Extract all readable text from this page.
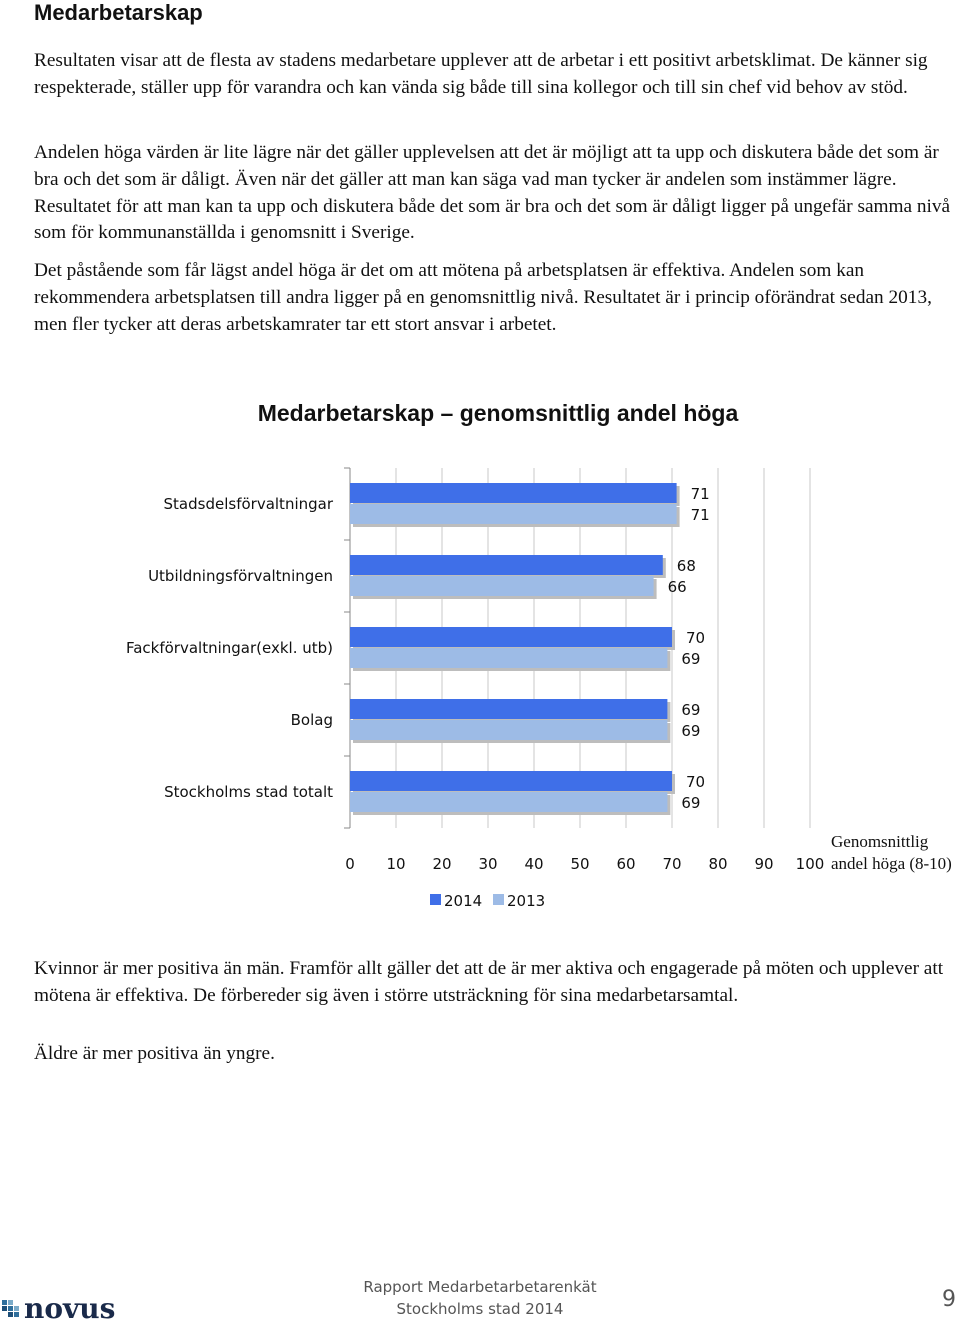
Medarbetarskap

Resultaten visar att de flesta av stadens medarbetare upplever att de arbetar i ett positivt arbetsklimat. De känner sig respekterade, ställer upp för varandra och kan vända sig både till sina kollegor och till sin chef vid behov av stöd.

Andelen höga värden är lite lägre när det gäller upplevelsen att det är möjligt att ta upp och diskutera både det som är bra och det som är dåligt. Även när det gäller att man kan säga vad man tycker är andelen som instämmer lägre. Resultatet för att man kan ta upp och diskutera både det som är bra och det som är dåligt ligger på ungefär samma nivå som för kommunanställda i genomsnitt i Sverige.

Det påstående som får lägst andel höga är det om att mötena på arbetsplatsen är effektiva. Andelen som kan rekommendera arbetsplatsen till andra ligger på en genomsnittlig nivå. Resultatet är i princip oförändrat sedan 2013, men fler tycker att deras arbetskamrater tar ett stort ansvar i arbetet.

Medarbetarskap – genomsnittlig andel höga
0 10 20 30 40 50 60 70 80 90 100
Stadsdelsförvaltningar
71
71
Utbildningsförvaltningen
68
66
Fackförvaltningar(exkl. utb)
70
69
Bolag
69
69
Stockholms stad totalt
70
69
Genomsnittlig
andel höga (8-10)
2014 2013

Kvinnor är mer positiva än män. Framför allt gäller det att de är mer aktiva och engagerade på möten och upplever att mötena är effektiva. De förbereder sig även i större utsträckning för sina medarbetarsamtal.

Äldre är mer positiva än yngre.

novus
Rapport Medarbetarbetarenkät
Stockholms stad 2014	9
